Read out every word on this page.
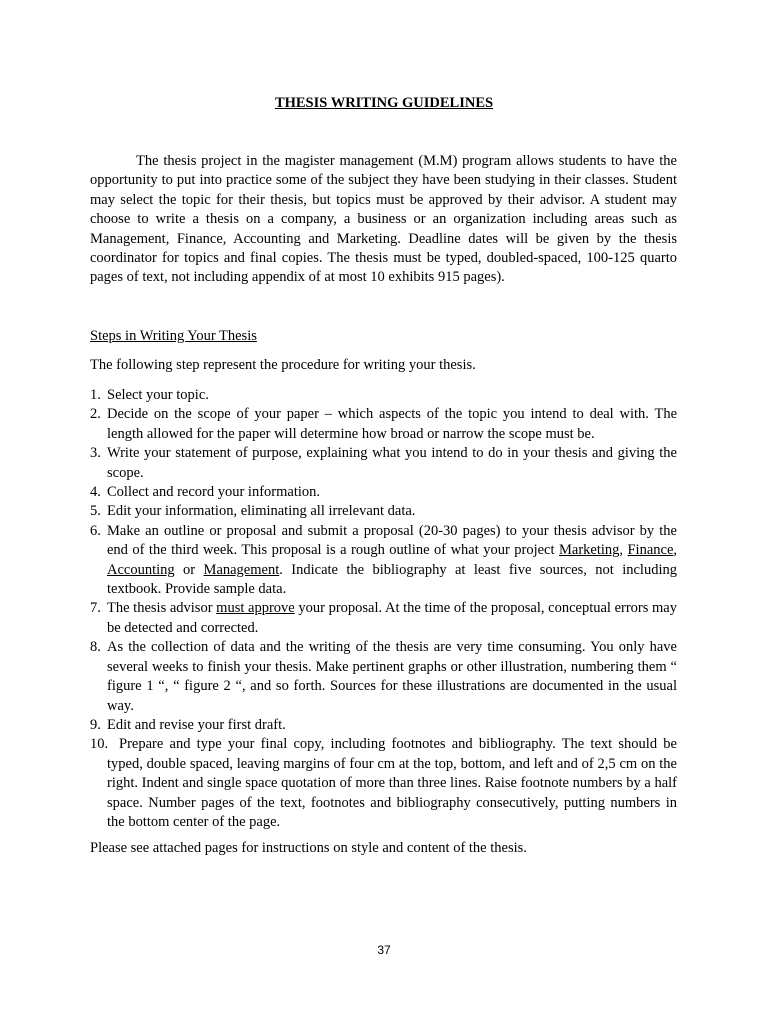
THESIS WRITING GUIDELINES

The thesis project in the magister management (M.M) program allows students to have the opportunity to put into practice some of the subject they have been studying in their classes. Student may select the topic for their thesis, but topics must be approved by their advisor. A student may choose to write a thesis on a company, a business or an organization including areas such as Management, Finance, Accounting and Marketing. Deadline dates will be given by the thesis coordinator for topics and final copies. The thesis must be typed, doubled-spaced, 100-125 quarto pages of text, not including appendix of at most 10 exhibits 915 pages).

Steps in Writing Your Thesis

The following step represent the procedure for writing your thesis.

1. Select your topic.
2. Decide on the scope of your paper – which aspects of the topic you intend to deal with. The length allowed for the paper will determine how broad or narrow the scope must be.
3. Write your statement of purpose, explaining what you intend to do in your thesis and giving the scope.
4. Collect and record your information.
5. Edit your information, eliminating all irrelevant data.
6. Make an outline or proposal and submit a proposal (20-30 pages) to your thesis advisor by the end of the third week. This proposal is a rough outline of what your project Marketing, Finance, Accounting or Management. Indicate the bibliography at least five sources, not including textbook. Provide sample data.
7. The thesis advisor must approve your proposal. At the time of the proposal, conceptual errors may be detected and corrected.
8. As the collection of data and the writing of the thesis are very time consuming. You only have several weeks to finish your thesis. Make pertinent graphs or other illustration, numbering them “ figure 1 “, “ figure 2 “, and so forth. Sources for these illustrations are documented in the usual way.
9. Edit and revise your first draft.
10. Prepare and type your final copy, including footnotes and bibliography. The text should be typed, double spaced, leaving margins of four cm at the top, bottom, and left and of 2,5 cm on the right. Indent and single space quotation of more than three lines. Raise footnote numbers by a half space. Number pages of the text, footnotes and bibliography consecutively, putting numbers in the bottom center of the page.

Please see attached pages for instructions on style and content of the thesis.

37
